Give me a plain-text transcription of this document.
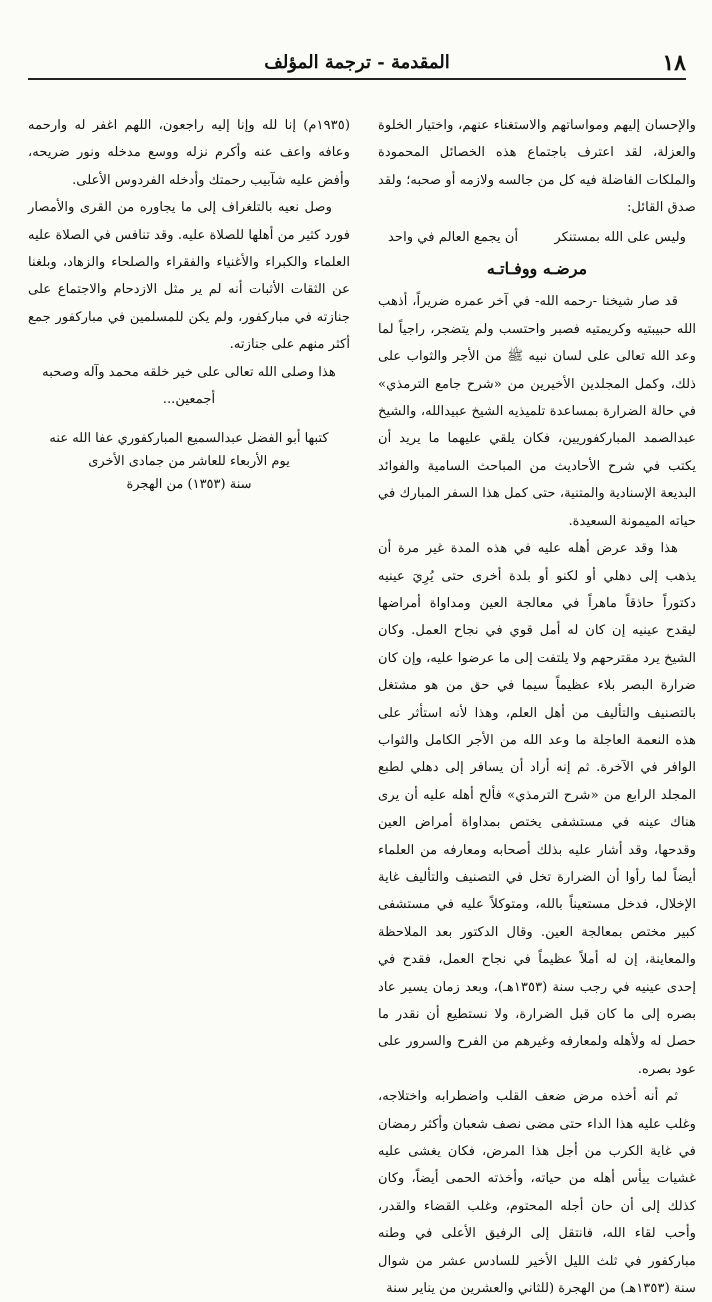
١٨
المقدمة - ترجمة المؤلف

والإحسان إليهم ومواساتهم والاستغناء عنهم، واختيار الخلوة والعزلة، لقد اعترف باجتماع هذه الخصائل المحمودة والملكات الفاضلة فيه كل من جالسه ولازمه أو صحبه؛ ولقد صدق القائل:

وليس على الله بمستنكر
أن يجمع العالم في واحد
مرضـه ووفـاتـه

قد صار شيخنا -رحمه الله- في آخر عمره ضريراً، أذهب الله حبيبتيه وكريمتيه فصبر واحتسب ولم يتضجر، راجياً لما وعد الله تعالى على لسان نبيه ﷺ من الأجر والثواب على ذلك، وكمل المجلدين الأخيرين من «شرح جامع الترمذي» في حالة الضرارة بمساعدة تلميذيه الشيخ عبيدالله، والشيخ عبدالصمد المباركفوريين، فكان يلقي عليهما ما يريد أن يكتب في شرح الأحاديث من المباحث السامية والفوائد البديعة الإسنادية والمتنية، حتى كمل هذا السفر المبارك في حياته الميمونة السعيدة.

هذا وقد عرض أهله عليه في هذه المدة غير مرة أن يذهب إلى دهلي أو لكنو أو بلدة أخرى حتى يُرِيَ عينيه دكتوراً حاذقاً ماهراً في معالجة العين ومداواة أمراضها ليقدح عينيه إن كان له أمل قوي في نجاح العمل. وكان الشيخ يرد مقترحهم ولا يلتفت إلى ما عرضوا عليه، وإن كان ضرارة البصر بلاء عظيماً سيما في حق من هو مشتغل بالتصنيف والتأليف من أهل العلم، وهذا لأنه استأثر على هذه النعمة العاجلة ما وعد الله من الأجر الكامل والثواب الوافر في الآخرة. ثم إنه أراد أن يسافر إلى دهلي لطبع المجلد الرابع من «شرح الترمذي» فألح أهله عليه أن يرى هناك عينه في مستشفى يختص بمداواة أمراض العين وقدحها، وقد أشار عليه بذلك أصحابه ومعارفه من العلماء أيضاً لما رأوا أن الضرارة تخل في التصنيف والتأليف غاية الإخلال، فدخل مستعيناً بالله، ومتوكلاً عليه في مستشفى كبير مختص بمعالجة العين. وقال الدكتور بعد الملاحظة والمعاينة، إن له أملاً عظيماً في نجاح العمل، فقدح في إحدى عينيه في رجب سنة (١٣٥٣هـ)، وبعد زمان يسير عاد بصره إلى ما كان قبل الضرارة، ولا نستطيع أن نقدر ما حصل له ولأهله ولمعارفه وغيرهم من الفرح والسرور على عود بصره.

ثم أنه أخذه مرض ضعف القلب واضطرابه واختلاجه، وغلب عليه هذا الداء حتى مضى نصف شعبان وأكثر رمضان في غاية الكرب من أجل هذا المرض، فكان يغشى عليه غشيات ييأس أهله من حياته، وأخذته الحمى أيضاً، وكان كذلك إلى أن حان أجله المحتوم، وغلب القضاء والقدر، وأحب لقاء الله، فانتقل إلى الرفيق الأعلى في وطنه مباركفور في ثلث الليل الأخير للسادس عشر من شوال سنة (١٣٥٣هـ) من الهجرة (للثاني والعشرين من يناير سنة

(١٩٣٥م) إنا لله وإنا إليه راجعون، اللهم اغفر له وارحمه وعافه واعف عنه وأكرم نزله ووسع مدخله ونور ضريحه، وأفض عليه شآبيب رحمتك وأدخله الفردوس الأعلى.

وصل نعيه بالتلغراف إلى ما يجاوره من القرى والأمصار فورد كثير من أهلها للصلاة عليه. وقد تنافس في الصلاة عليه العلماء والكبراء والأغنياء والفقراء والصلحاء والزهاد، وبلغنا عن الثقات الأثبات أنه لم ير مثل الازدحام والاجتماع على جنازته في مباركفور، ولم يكن للمسلمين في مباركفور جمع أكثر منهم على جنازته.

هذا وصلى الله تعالى على خير خلقه محمد وآله وصحبه أجمعين...

كتبها أبو الفضل عبدالسميع المباركفوري عفا الله عنه
يوم الأربعاء للعاشر من جمادى الأخرى
سنة (١٣٥٣) من الهجرة
